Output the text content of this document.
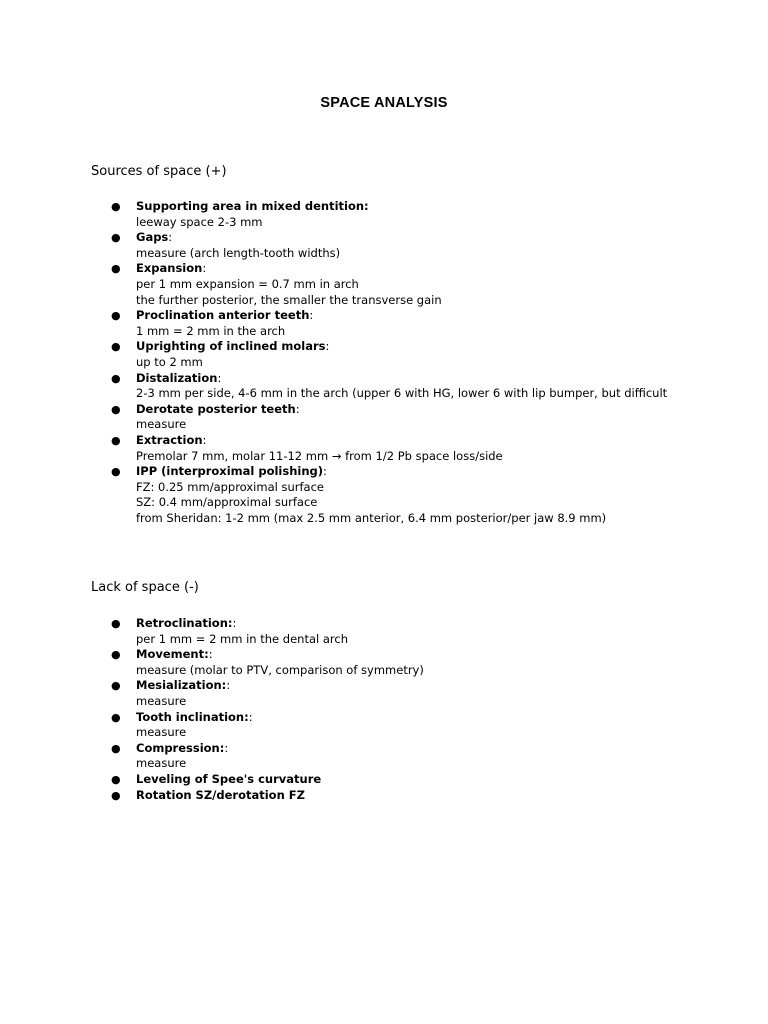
SPACE ANALYSIS
Sources of space (+)
●	Supporting area in mixed dentition:
leeway space 2-3 mm
●	Gaps:
measure (arch length-tooth widths)
●	Expansion:
per 1 mm expansion = 0.7 mm in arch
the further posterior, the smaller the transverse gain
●	Proclination anterior teeth:
1 mm = 2 mm in the arch
●	Uprighting of inclined molars:
up to 2 mm
●	Distalization:
2-3 mm per side, 4-6 mm in the arch (upper 6 with HG, lower 6 with lip bumper, but difficult
●	Derotate posterior teeth:
measure
●	Extraction:
Premolar 7 mm, molar 11-12 mm → from 1/2 Pb space loss/side
●	IPP (interproximal polishing):
FZ: 0.25 mm/approximal surface
SZ: 0.4 mm/approximal surface
from Sheridan: 1-2 mm (max 2.5 mm anterior, 6.4 mm posterior/per jaw 8.9 mm)
Lack of space (-)
●	Retroclination::
per 1 mm = 2 mm in the dental arch
●	Movement::
measure (molar to PTV, comparison of symmetry)
●	Mesialization::
measure
●	Tooth inclination::
measure
●	Compression::
measure
●	Leveling of Spee's curvature
●	Rotation SZ/derotation FZ
